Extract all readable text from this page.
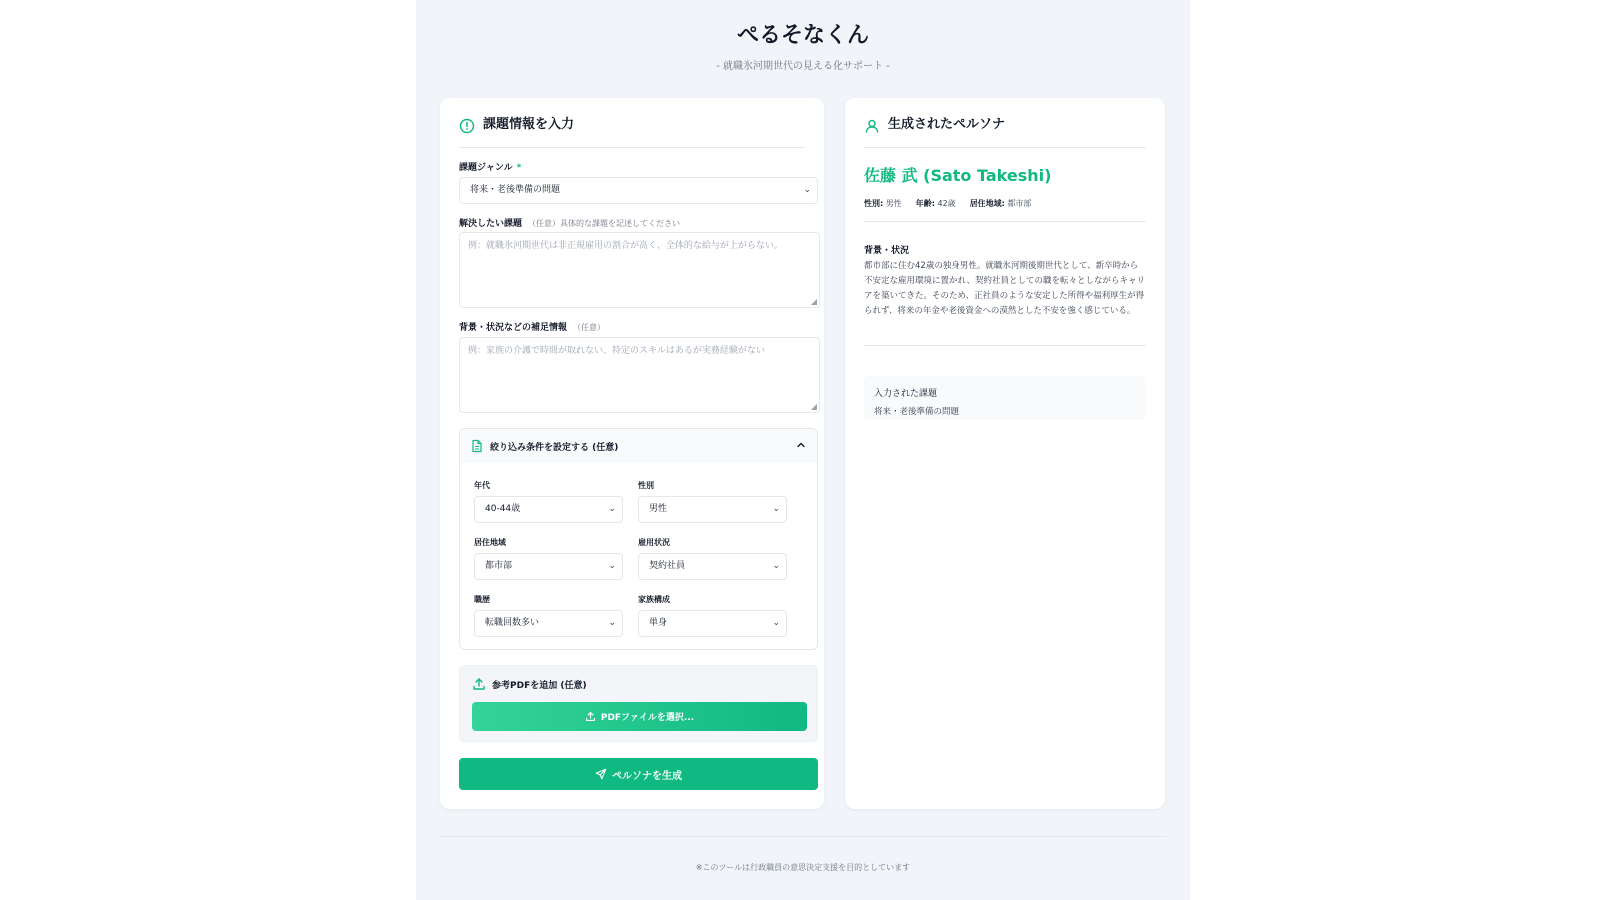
ぺるそなくん
- 就職氷河期世代の見える化サポート -
課題情報を入力
課題ジャンル *
将来・老後準備の問題	⌄
解決したい課題 （任意）具体的な課題を記述してください
例：就職氷河期世代は非正規雇用の割合が高く、全体的な給与が上がらない。
◢
背景・状況などの補足情報 （任意）
例：家族の介護で時間が取れない、特定のスキルはあるが実務経験がない
◢
絞り込み条件を設定する (任意)
年代
40-44歳	⌄
性別
男性	⌄
居住地域
都市部	⌄
雇用状況
契約社員	⌄
職歴
転職回数多い	⌄
家族構成
単身	⌄
参考PDFを追加 (任意)
PDFファイルを選択...
ペルソナを生成
生成されたペルソナ
佐藤 武 (Sato Takeshi)
性別: 男性 年齢: 42歳 居住地域: 都市部
背景・状況
都市部に住む42歳の独身男性。就職氷河期後期世代として、新卒時から不安定な雇用環境に置かれ、契約社員としての職を転々としながらキャリアを築いてきた。そのため、正社員のような安定した所得や福利厚生が得られず、将来の年金や老後資金への漠然とした不安を強く感じている。
入力された課題
将来・老後準備の問題
※このツールは行政職員の意思決定支援を目的としています
